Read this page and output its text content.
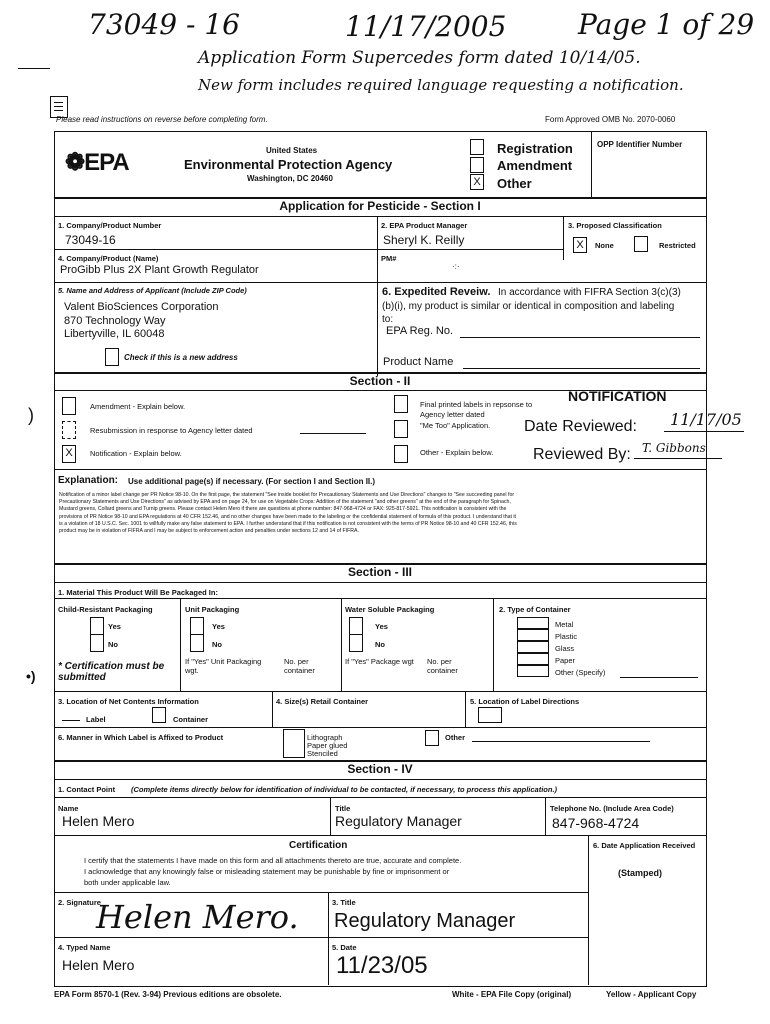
73049 - 16	11/17/2005	Page 1 of 29
Application Form Supercedes form dated 10/14/05.
New form includes required language requesting a notification.
Please read instructions on reverse before completing form.	Form Approved OMB No. 2070-0060
❁EPA	United States
Environmental Protection Agency
Washington, DC 20460
Registration
Amendment
X Other
OPP Identifier Number
Application for Pesticide - Section I
1. Company/Product Number
73049-16
2. EPA Product Manager
Sheryl K. Reilly
3. Proposed Classification
X	None	Restricted
4. Company/Product (Name)
ProGibb Plus 2X Plant Growth Regulator
PM#
·:·
5. Name and Address of Applicant (Include ZIP Code)
Valent BioSciences Corporation
870 Technology Way
Libertyville, IL 60048
Check if this is a new address
6. Expedited Reveiw. In accordance with FIFRA Section 3(c)(3)
(b)(i), my product is similar or identical in composition and labeling
to:
EPA Reg. No.
Product Name
Section - II
)	Amendment - Explain below.
Resubmission in response to Agency letter dated
X	Notification - Explain below.
Final printed labels in repsonse to
Agency letter dated
"Me Too" Application.
Other - Explain below.
NOTIFICATION
Date Reviewed: 11/17/05
Reviewed By: T. Gibbons
Explanation: Use additional page(s) if necessary. (For section I and Section II.)
Notification of a minor label change per PR Notice 98-10. On the first page, the statement "See inside booklet for Precautionary Statements and Use Directions" changes to "See succeeding panel for
Precautionary Statements and Use Directions" as advised by EPA and on page 24, for use on Vegetable Crops: Addition of the statement "and other greens" at the end of the paragraph for Spinach,
Mustard greens, Collard greens and Turnip greens. Please contact Helen Mero if there are questions at phone number: 847-968-4724 or FAX: 925-817-5921. This notification is consistent with the
provisions of PR Notice 98-10 and EPA regulations at 40 CFR 152.46, and no other changes have been made to the labeling or the confidential statement of formula of this product. I understand that it
is a violation of 18 U.S.C. Sec. 1001 to willfully make any false statement to EPA. I further understand that if this notification is not consistent with the terms of PR Notice 98-10 and 40 CFR 152.46, this
product may be in violation of FIFRA and I may be subject to enforcement action and penalties under sections 12 and 14 of FIFRA.
Section - III
1. Material This Product Will Be Packaged In:
Child-Resistant Packaging
Yes
No
* Certification must be submitted
•)
Unit Packaging
Yes
No
If "Yes" Unit Packaging wgt.
No. per container
Water Soluble Packaging
Yes
No
If "Yes" Package wgt No. per container
2. Type of Container
Metal
Plastic
Glass
Paper
Other (Specify)
3. Location of Net Contents Information
Label	Container
4. Size(s) Retail Container	5. Location of Label Directions
6. Manner in Which Label is Affixed to Product	Lithograph
Paper glued
Stenciled
Other
Section - IV
1. Contact Point (Complete items directly below for identification of individual to be contacted, if necessary, to process this application.)
Name
Helen Mero
Title
Regulatory Manager
Telephone No. (Include Area Code)
847-968-4724
Certification
I certify that the statements I have made on this form and all attachments thereto are true, accurate and complete.
I acknowledge that any knowingly false or misleading statement may be punishable by fine or imprisonment or
both under applicable law.
6. Date Application Received
(Stamped)
2. Signature
Helen Mero.	3. Title
Regulatory Manager
4. Typed Name
Helen Mero
5. Date
11/23/05
EPA Form 8570-1 (Rev. 3-94) Previous editions are obsolete.	White - EPA File Copy (original)	Yellow - Applicant Copy
